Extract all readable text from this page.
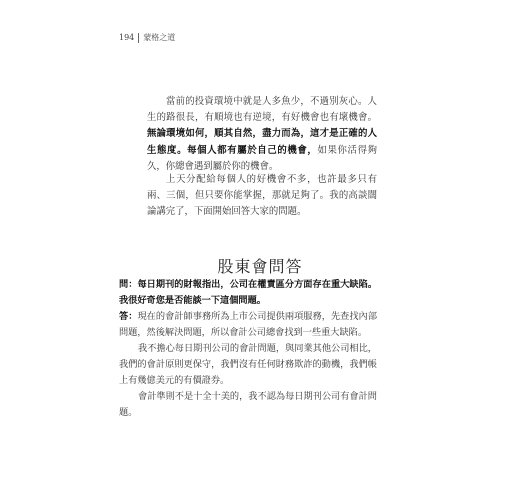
194 蒙格之道

當前的投資環境中就是人多魚少，不過別灰心。人生的路很長，有順境也有逆境，有好機會也有壞機會。無論環境如何，順其自然，盡力而為，這才是正確的人生態度。每個人都有屬於自己的機會，如果你活得夠久，你總會遇到屬於你的機會。

上天分配給每個人的好機會不多，也許最多只有兩、三個，但只要你能掌握，那就足夠了。我的高談闊論講完了，下面開始回答大家的問題。

股東會問答

問：每日期刊的財報指出，公司在權責區分方面存在重大缺陷。我很好奇您是否能談一下這個問題。

答：現在的會計師事務所為上市公司提供兩項服務，先查找內部問題，然後解決問題，所以會計公司總會找到一些重大缺陷。

我不擔心每日期刊公司的會計問題，與同業其他公司相比，我們的會計原則更保守，我們沒有任何財務欺詐的動機，我們帳上有幾億美元的有價證券。

會計準則不是十全十美的，我不認為每日期刊公司有會計問題。
